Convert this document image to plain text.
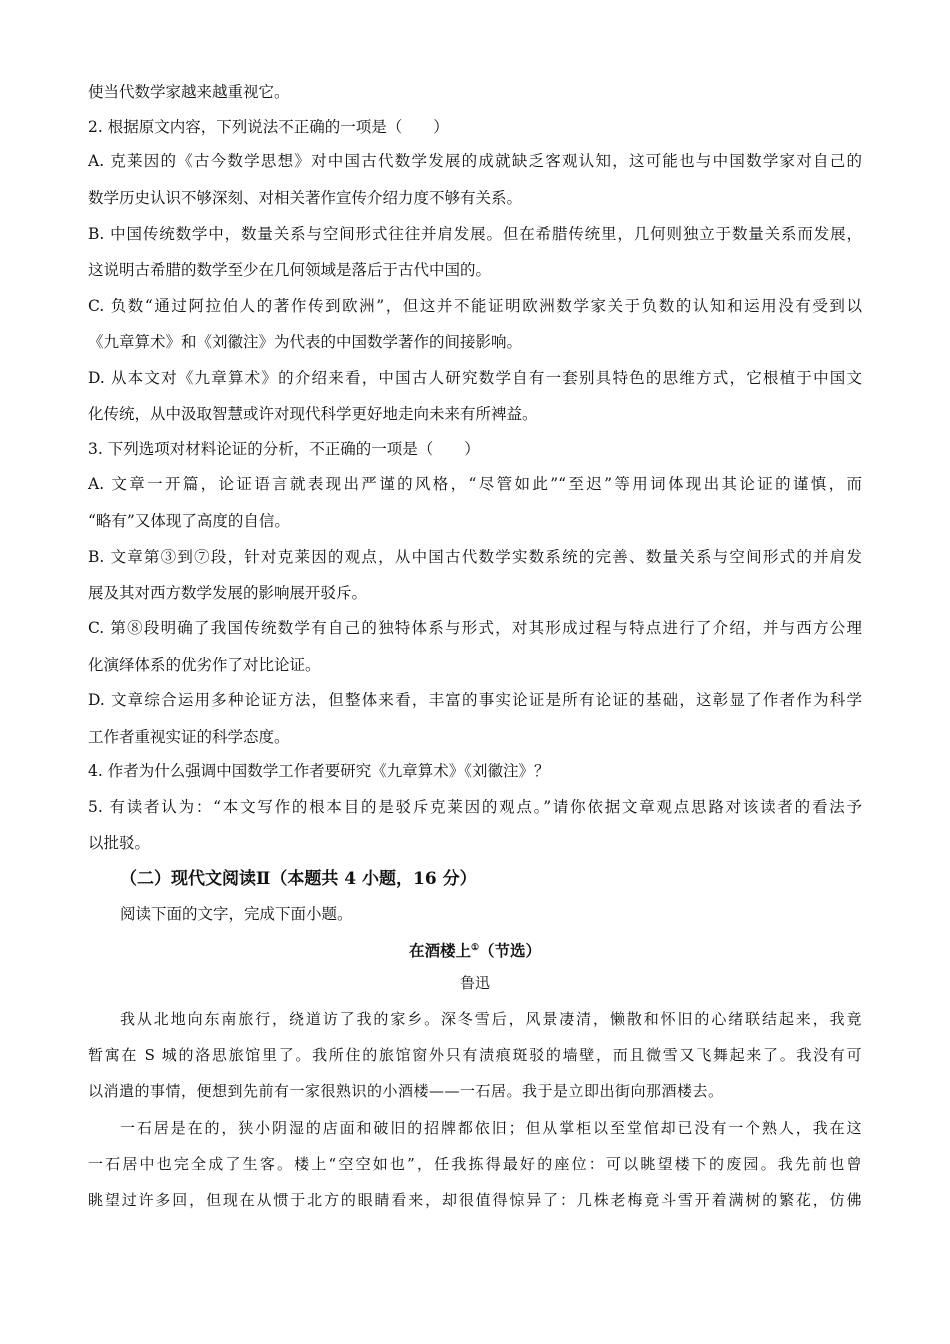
使当代数学家越来越重视它。
2. 根据原文内容，下列说法不正确的一项是（　　）
A. 克莱因的《古今数学思想》对中国古代数学发展的成就缺乏客观认知，这可能也与中国数学家对自己的
数学历史认识不够深刻、对相关著作宣传介绍力度不够有关系。
B. 中国传统数学中，数量关系与空间形式往往并肩发展。但在希腊传统里，几何则独立于数量关系而发展，
这说明古希腊的数学至少在几何领域是落后于古代中国的。
C. 负数“通过阿拉伯人的著作传到欧洲”，但这并不能证明欧洲数学家关于负数的认知和运用没有受到以
《九章算术》和《刘徽注》为代表的中国数学著作的间接影响。
D. 从本文对《九章算术》的介绍来看，中国古人研究数学自有一套别具特色的思维方式，它根植于中国文
化传统，从中汲取智慧或许对现代科学更好地走向未来有所裨益。
3. 下列选项对材料论证的分析，不正确的一项是（　　）
A. 文章一开篇，论证语言就表现出严谨的风格，“尽管如此”“至迟”等用词体现出其论证的谨慎，而
“略有”又体现了高度的自信。
B. 文章第③到⑦段，针对克莱因的观点，从中国古代数学实数系统的完善、数量关系与空间形式的并肩发
展及其对西方数学发展的影响展开驳斥。
C. 第⑧段明确了我国传统数学有自己的独特体系与形式，对其形成过程与特点进行了介绍，并与西方公理
化演绎体系的优劣作了对比论证。
D. 文章综合运用多种论证方法，但整体来看，丰富的事实论证是所有论证的基础，这彰显了作者作为科学
工作者重视实证的科学态度。
4. 作者为什么强调中国数学工作者要研究《九章算术》《刘徽注》？
5. 有读者认为：“本文写作的根本目的是驳斥克莱因的观点。”请你依据文章观点思路对该读者的看法予
以批驳。
（二）现代文阅读Ⅱ（本题共 4 小题，16 分）
阅读下面的文字，完成下面小题。
在酒楼上①（节选）
鲁迅
我从北地向东南旅行，绕道访了我的家乡。深冬雪后，风景凄清，懒散和怀旧的心绪联结起来，我竟
暂寓在 S 城的洛思旅馆里了。我所住的旅馆窗外只有渍痕斑驳的墙壁，而且微雪又飞舞起来了。我没有可
以消遣的事情，便想到先前有一家很熟识的小酒楼——一石居。我于是立即出街向那酒楼去。
一石居是在的，狭小阴湿的店面和破旧的招牌都依旧；但从掌柜以至堂倌却已没有一个熟人，我在这
一石居中也完全成了生客。楼上“空空如也”，任我拣得最好的座位：可以眺望楼下的废园。我先前也曾
眺望过许多回，但现在从惯于北方的眼睛看来，却很值得惊异了：几株老梅竟斗雪开着满树的繁花，仿佛
